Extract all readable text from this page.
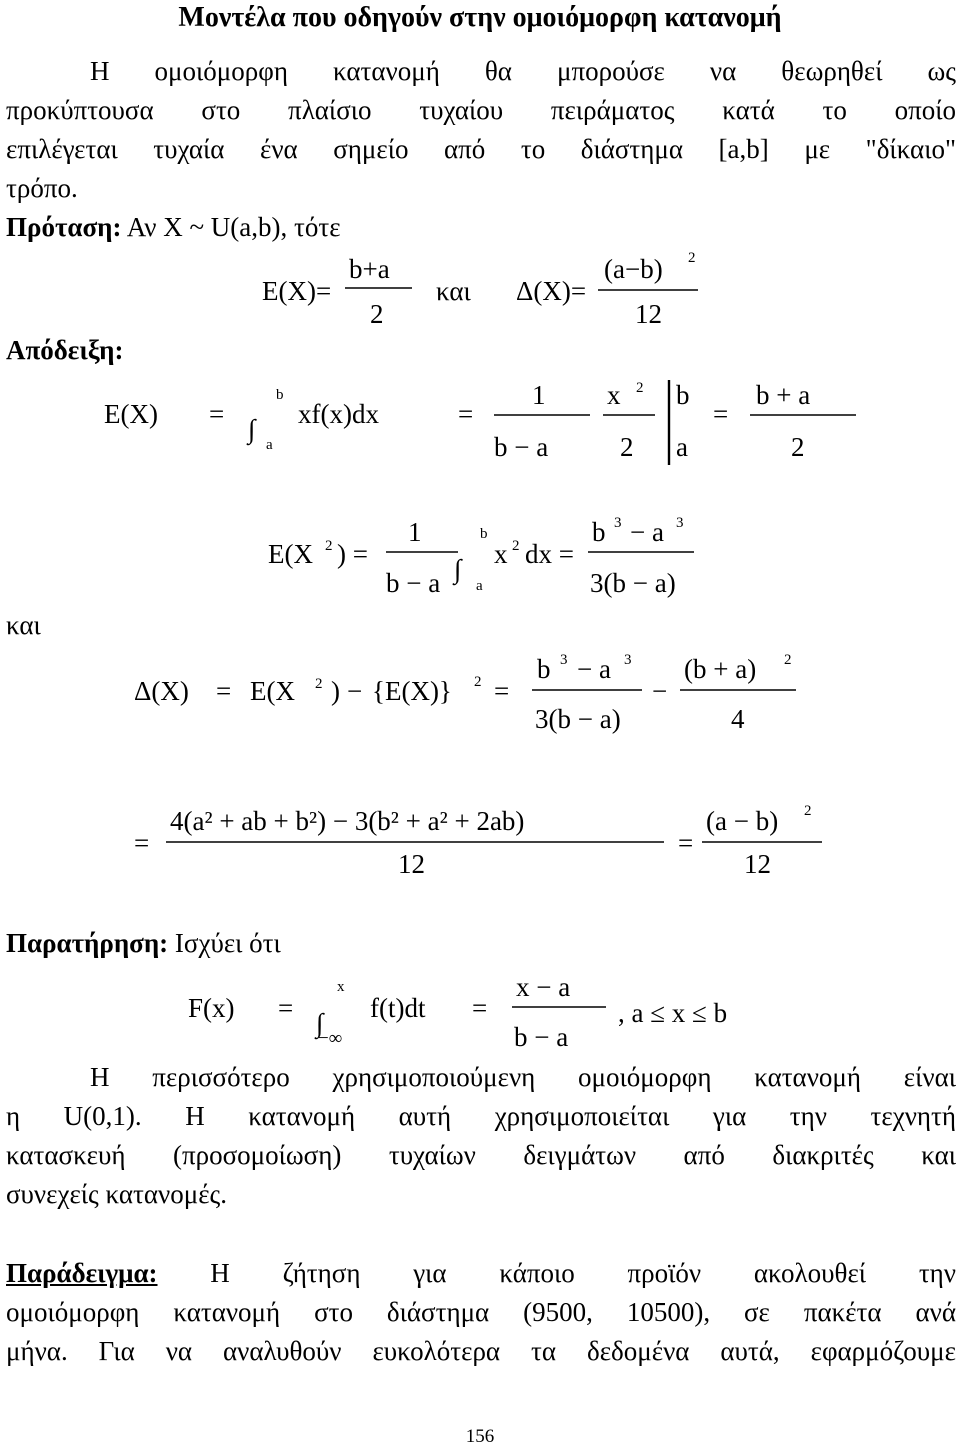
Μοντέλα που οδηγούν στην ομοιόμορφη κατανομή

Η ομοιόμορφη κατανομή θα μπορούσε να θεωρηθεί ως

προκύπτουσα στο πλαίσιο τυχαίου πειράματος κατά το οποίο

επιλέγεται τυχαία ένα σημείο από το διάστημα [a,b] με "δίκαιο"

τρόπο.

Πρόταση: Αν X ~ U(a,b), τότε

Απόδειξη:
και
E(X)=
b+a
2
και Δ(X)=
(a−b) 2
12
E(X) = ∫
b
a
xf(x)dx	=
1
b − a
x 2
2
b
a
=
b + a
2
E(X 2 ) =
1
b − a ∫
b
a
x 2 dx =
b 3 − a 3
3(b − a)
Δ(X) = E(X 2 ) − {E(X)} 2 =
b 3 − a 3
3(b − a)
−
(b + a) 2
4
=
4(a² + ab + b²) − 3(b² + a² + 2ab)
12
=
(a − b) 2
12
F(x) = ∫
x
−∞
f(t)dt =
x − a
b − a
, a ≤ x ≤ b
Παρατήρηση: Ισχύει ότι

Η περισσότερο χρησιμοποιούμενη ομοιόμορφη κατανομή είναι

η U(0,1). Η κατανομή αυτή χρησιμοποιείται για την τεχνητή

κατασκευή (προσομοίωση) τυχαίων δειγμάτων από διακριτές και

συνεχείς κατανομές.

Παράδειγμα: Η ζήτηση για κάποιο προϊόν ακολουθεί την

ομοιόμορφη κατανομή στο διάστημα (9500, 10500), σε πακέτα ανά

μήνα. Για να αναλυθούν ευκολότερα τα δεδομένα αυτά, εφαρμόζουμε

156
